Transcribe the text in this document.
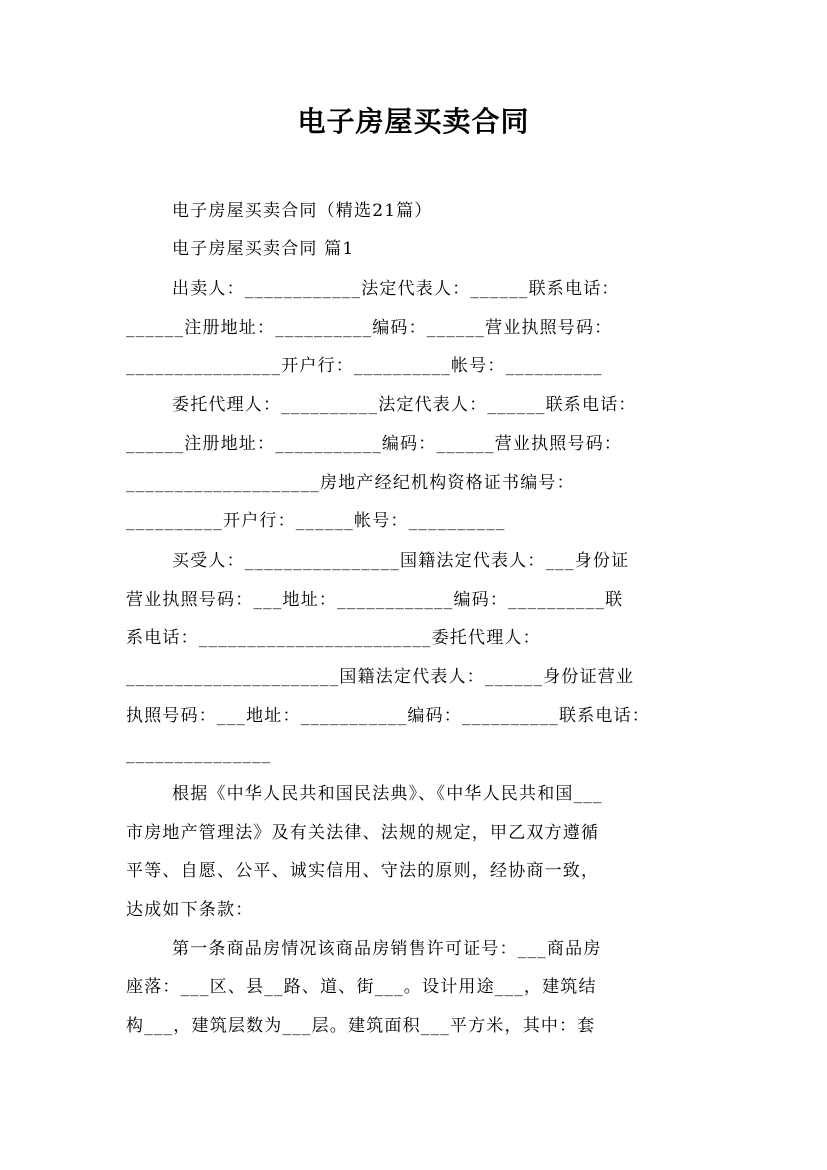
电子房屋买卖合同
电子房屋买卖合同（精选21篇）
电子房屋买卖合同 篇1
出卖人：____________法定代表人：______联系电话：
______注册地址：__________编码：______营业执照号码：
________________开户行：__________帐号：__________
委托代理人：__________法定代表人：______联系电话：
______注册地址：___________编码：______营业执照号码：
____________________房地产经纪机构资格证书编号：
__________开户行：______帐号：__________
买受人：________________国籍法定代表人：___身份证
营业执照号码：___地址：____________编码：__________联
系电话：________________________委托代理人：
______________________国籍法定代表人：______身份证营业
执照号码：___地址：___________编码：__________联系电话：
_______________
根据《中华人民共和国民法典》、《中华人民共和国___
市房地产管理法》及有关法律、法规的规定，甲乙双方遵循
平等、自愿、公平、诚实信用、守法的原则，经协商一致，
达成如下条款：
第一条商品房情况该商品房销售许可证号：___商品房
座落：___区、县__路、道、街___。设计用途___，建筑结
构___，建筑层数为___层。建筑面积___平方米，其中：套
